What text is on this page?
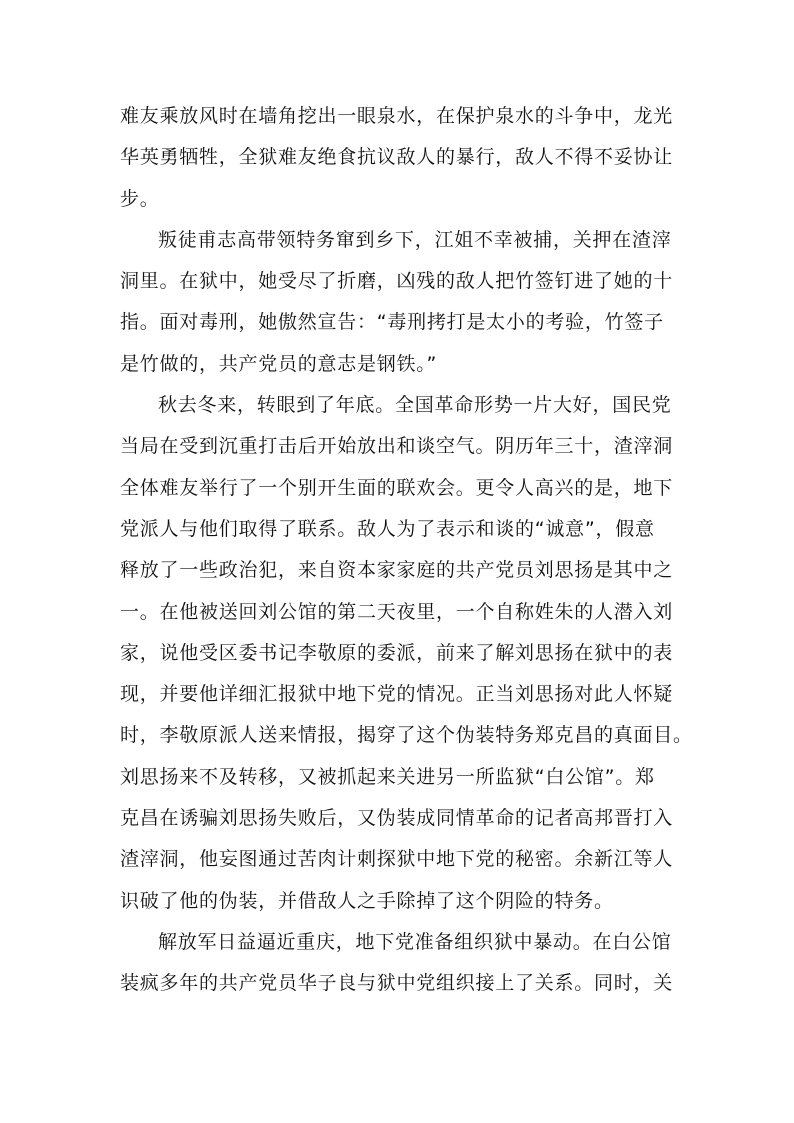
难友乘放风时在墙角挖出一眼泉水，在保护泉水的斗争中，龙光
华英勇牺牲，全狱难友绝食抗议敌人的暴行，敌人不得不妥协让
步。
叛徒甫志高带领特务窜到乡下，江姐不幸被捕，关押在渣滓
洞里。在狱中，她受尽了折磨，凶残的敌人把竹签钉进了她的十
指。面对毒刑，她傲然宣告：“毒刑拷打是太小的考验，竹签子
是竹做的，共产党员的意志是钢铁。”
秋去冬来，转眼到了年底。全国革命形势一片大好，国民党
当局在受到沉重打击后开始放出和谈空气。阴历年三十，渣滓洞
全体难友举行了一个别开生面的联欢会。更令人高兴的是，地下
党派人与他们取得了联系。敌人为了表示和谈的“诚意”，假意
释放了一些政治犯，来自资本家家庭的共产党员刘思扬是其中之
一。在他被送回刘公馆的第二天夜里，一个自称姓朱的人潜入刘
家，说他受区委书记李敬原的委派，前来了解刘思扬在狱中的表
现，并要他详细汇报狱中地下党的情况。正当刘思扬对此人怀疑
时，李敬原派人送来情报，揭穿了这个伪装特务郑克昌的真面目。
刘思扬来不及转移，又被抓起来关进另一所监狱“白公馆”。郑
克昌在诱骗刘思扬失败后，又伪装成同情革命的记者高邦晋打入
渣滓洞，他妄图通过苦肉计刺探狱中地下党的秘密。余新江等人
识破了他的伪装，并借敌人之手除掉了这个阴险的特务。
解放军日益逼近重庆，地下党准备组织狱中暴动。在白公馆
装疯多年的共产党员华子良与狱中党组织接上了关系。同时，关
